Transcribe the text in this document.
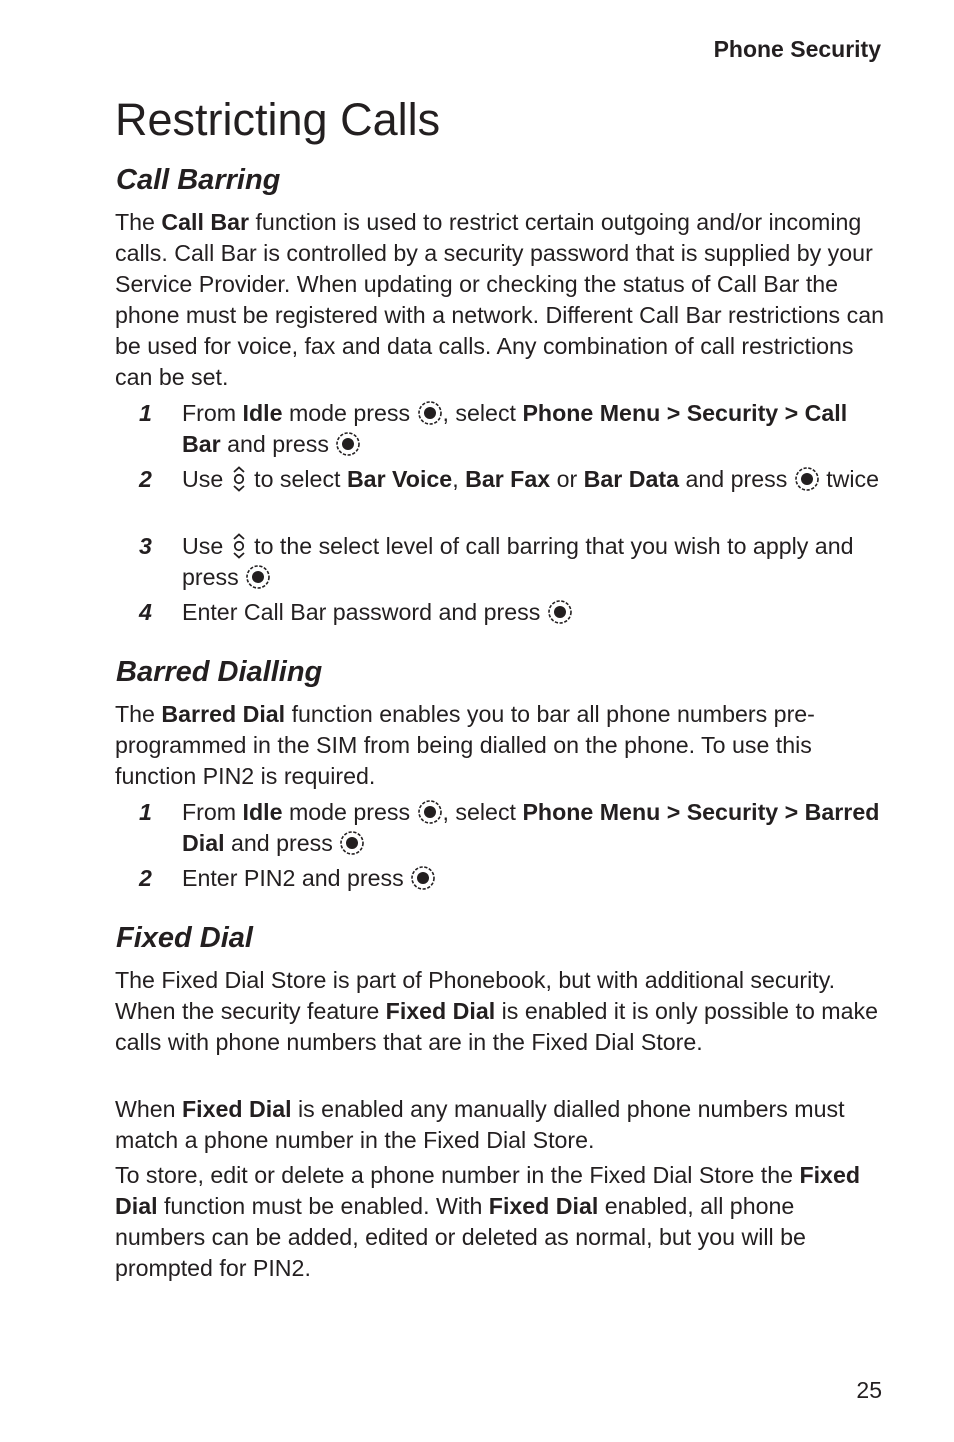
Phone Security
Restricting Calls
Call Barring

The Call Bar function is used to restrict certain outgoing and/or incoming calls. Call Bar is controlled by a security password that is supplied by your Service Provider. When updating or checking the status of Call Bar the phone must be registered with a network. Different Call Bar restrictions can be used for voice, fax and data calls. Any combination of call restrictions can be set.

1 From Idle mode press
, select Phone Menu > Security > Call Bar and press
2 Use
to select Bar Voice, Bar Fax or Bar Data and press
twice
3 Use
to the select level of call barring that you wish to apply and press
4 Enter Call Bar password and press
Barred Dialling

The Barred Dial function enables you to bar all phone numbers pre-programmed in the SIM from being dialled on the phone. To use this function PIN2 is required.

1 From Idle mode press
, select Phone Menu > Security > Barred Dial and press
2 Enter PIN2 and press
Fixed Dial

The Fixed Dial Store is part of Phonebook, but with additional security. When the security feature Fixed Dial is enabled it is only possible to make calls with phone numbers that are in the Fixed Dial Store.

When Fixed Dial is enabled any manually dialled phone numbers must match a phone number in the Fixed Dial Store.

To store, edit or delete a phone number in the Fixed Dial Store the Fixed Dial function must be enabled. With Fixed Dial enabled, all phone numbers can be added, edited or deleted as normal, but you will be prompted for PIN2.

25
